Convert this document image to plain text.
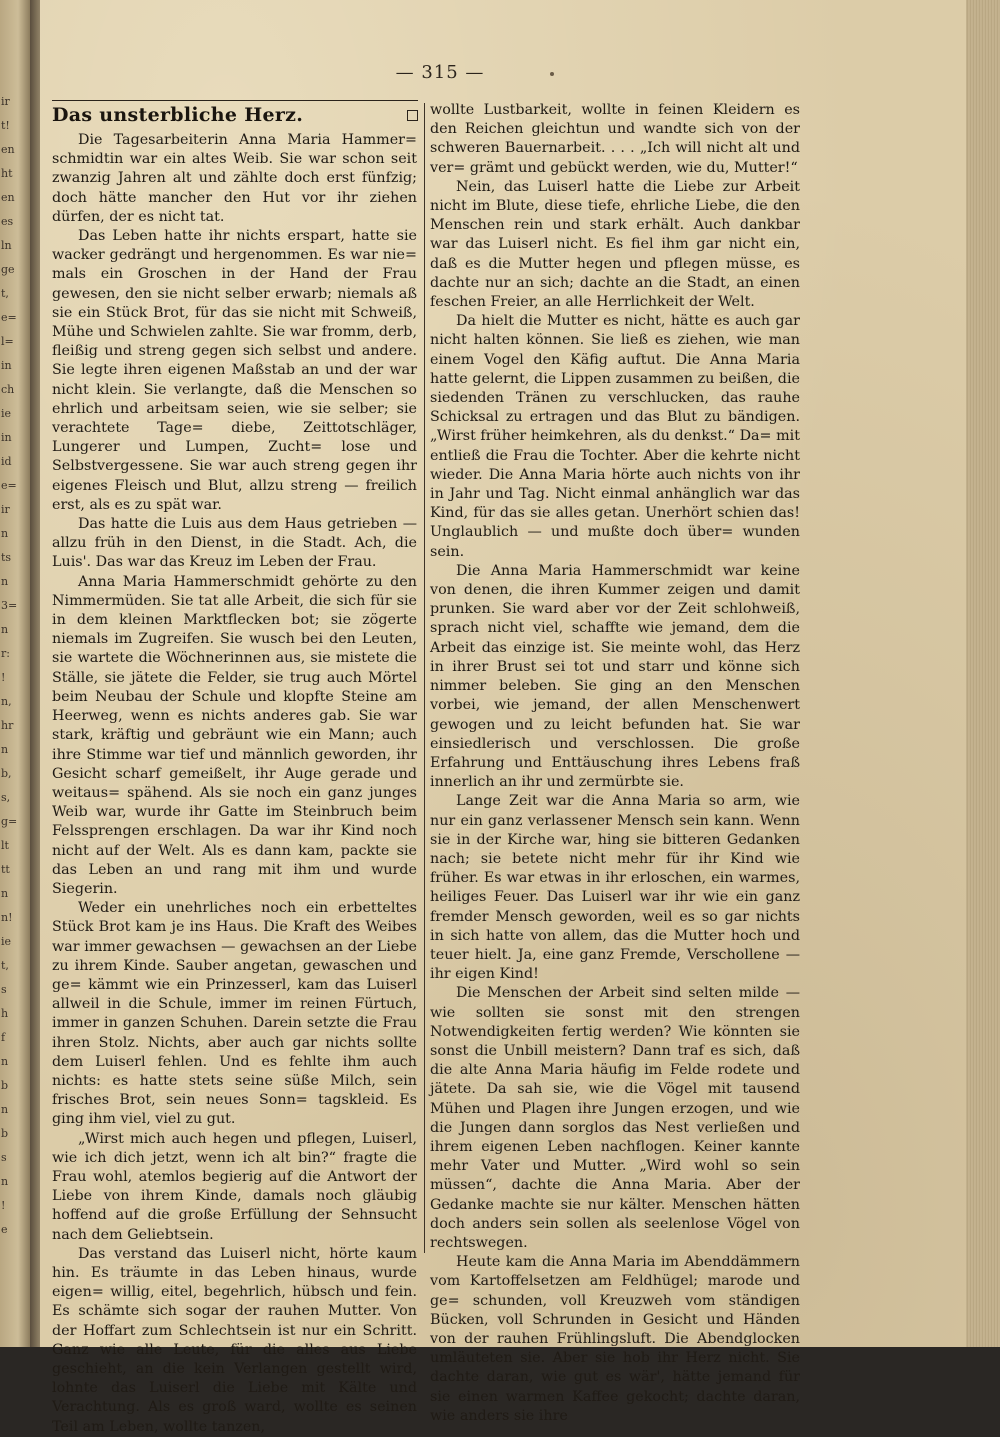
ir
t!
en
ht
en
es
ln
ge
t,
e=
l=
in
ch
ie
in
id
e=
ir
n
ts
n
3=
n
r:
!
n,
hr
n
b,
s,
g=
lt
tt
n
n!
ie
t,
s
h
f
n
b
n
b
s
n
!
e
— 315 —
Das unsterbliche Herz.

Die Tagesarbeiterin Anna Maria Hammer= schmidtin war ein altes Weib. Sie war schon seit zwanzig Jahren alt und zählte doch erst fünfzig; doch hätte mancher den Hut vor ihr ziehen dürfen, der es nicht tat.

Das Leben hatte ihr nichts erspart, hatte sie wacker gedrängt und hergenommen. Es war nie= mals ein Groschen in der Hand der Frau gewesen, den sie nicht selber erwarb; niemals aß sie ein Stück Brot, für das sie nicht mit Schweiß, Mühe und Schwielen zahlte. Sie war fromm, derb, fleißig und streng gegen sich selbst und andere. Sie legte ihren eigenen Maßstab an und der war nicht klein. Sie verlangte, daß die Menschen so ehrlich und arbeitsam seien, wie sie selber; sie verachtete Tage= diebe, Zeittotschläger, Lungerer und Lumpen, Zucht= lose und Selbstvergessene. Sie war auch streng gegen ihr eigenes Fleisch und Blut, allzu streng — freilich erst, als es zu spät war.

Das hatte die Luis aus dem Haus getrieben — allzu früh in den Dienst, in die Stadt. Ach, die Luis'. Das war das Kreuz im Leben der Frau.

Anna Maria Hammerschmidt gehörte zu den Nimmermüden. Sie tat alle Arbeit, die sich für sie in dem kleinen Marktflecken bot; sie zögerte niemals im Zugreifen. Sie wusch bei den Leuten, sie wartete die Wöchnerinnen aus, sie mistete die Ställe, sie jätete die Felder, sie trug auch Mörtel beim Neubau der Schule und klopfte Steine am Heerweg, wenn es nichts anderes gab. Sie war stark, kräftig und gebräunt wie ein Mann; auch ihre Stimme war tief und männlich geworden, ihr Gesicht scharf gemeißelt, ihr Auge gerade und weitaus= spähend. Als sie noch ein ganz junges Weib war, wurde ihr Gatte im Steinbruch beim Felssprengen erschlagen. Da war ihr Kind noch nicht auf der Welt. Als es dann kam, packte sie das Leben an und rang mit ihm und wurde Siegerin.

Weder ein unehrliches noch ein erbetteltes Stück Brot kam je ins Haus. Die Kraft des Weibes war immer gewachsen — gewachsen an der Liebe zu ihrem Kinde. Sauber angetan, gewaschen und ge= kämmt wie ein Prinzesserl, kam das Luiserl allweil in die Schule, immer im reinen Fürtuch, immer in ganzen Schuhen. Darein setzte die Frau ihren Stolz. Nichts, aber auch gar nichts sollte dem Luiserl fehlen. Und es fehlte ihm auch nichts: es hatte stets seine süße Milch, sein frisches Brot, sein neues Sonn= tagskleid. Es ging ihm viel, viel zu gut.

„Wirst mich auch hegen und pflegen, Luiserl, wie ich dich jetzt, wenn ich alt bin?“ fragte die Frau wohl, atemlos begierig auf die Antwort der Liebe von ihrem Kinde, damals noch gläubig hoffend auf die große Erfüllung der Sehnsucht nach dem Geliebtsein.

Das verstand das Luiserl nicht, hörte kaum hin. Es träumte in das Leben hinaus, wurde eigen= willig, eitel, begehrlich, hübsch und fein. Es schämte sich sogar der rauhen Mutter. Von der Hoffart zum Schlechtsein ist nur ein Schritt. Ganz wie alle Leute, für die alles aus Liebe geschieht, an die kein Verlangen gestellt wird, lohnte das Luiserl die Liebe mit Kälte und Verachtung. Als es groß ward, wollte es seinen Teil am Leben, wollte tanzen,

wollte Lustbarkeit, wollte in feinen Kleidern es den Reichen gleichtun und wandte sich von der schweren Bauernarbeit. . . . „Ich will nicht alt und ver= grämt und gebückt werden, wie du, Mutter!“

Nein, das Luiserl hatte die Liebe zur Arbeit nicht im Blute, diese tiefe, ehrliche Liebe, die den Menschen rein und stark erhält. Auch dankbar war das Luiserl nicht. Es fiel ihm gar nicht ein, daß es die Mutter hegen und pflegen müsse, es dachte nur an sich; dachte an die Stadt, an einen feschen Freier, an alle Herrlichkeit der Welt.

Da hielt die Mutter es nicht, hätte es auch gar nicht halten können. Sie ließ es ziehen, wie man einem Vogel den Käfig auftut. Die Anna Maria hatte gelernt, die Lippen zusammen zu beißen, die siedenden Tränen zu verschlucken, das rauhe Schicksal zu ertragen und das Blut zu bändigen. „Wirst früher heimkehren, als du denkst.“ Da= mit entließ die Frau die Tochter. Aber die kehrte nicht wieder. Die Anna Maria hörte auch nichts von ihr in Jahr und Tag. Nicht einmal anhänglich war das Kind, für das sie alles getan. Unerhört schien das! Unglaublich — und mußte doch über= wunden sein.

Die Anna Maria Hammerschmidt war keine von denen, die ihren Kummer zeigen und damit prunken. Sie ward aber vor der Zeit schlohweiß, sprach nicht viel, schaffte wie jemand, dem die Arbeit das einzige ist. Sie meinte wohl, das Herz in ihrer Brust sei tot und starr und könne sich nimmer beleben. Sie ging an den Menschen vorbei, wie jemand, der allen Menschenwert gewogen und zu leicht befunden hat. Sie war einsiedlerisch und verschlossen. Die große Erfahrung und Enttäuschung ihres Lebens fraß innerlich an ihr und zermürbte sie.

Lange Zeit war die Anna Maria so arm, wie nur ein ganz verlassener Mensch sein kann. Wenn sie in der Kirche war, hing sie bitteren Gedanken nach; sie betete nicht mehr für ihr Kind wie früher. Es war etwas in ihr erloschen, ein warmes, heiliges Feuer. Das Luiserl war ihr wie ein ganz fremder Mensch geworden, weil es so gar nichts in sich hatte von allem, das die Mutter hoch und teuer hielt. Ja, eine ganz Fremde, Verschollene — ihr eigen Kind!

Die Menschen der Arbeit sind selten milde — wie sollten sie sonst mit den strengen Notwendigkeiten fertig werden? Wie könnten sie sonst die Unbill meistern? Dann traf es sich, daß die alte Anna Maria häufig im Felde rodete und jätete. Da sah sie, wie die Vögel mit tausend Mühen und Plagen ihre Jungen erzogen, und wie die Jungen dann sorglos das Nest verließen und ihrem eigenen Leben nachflogen. Keiner kannte mehr Vater und Mutter. „Wird wohl so sein müssen“, dachte die Anna Maria. Aber der Gedanke machte sie nur kälter. Menschen hätten doch anders sein sollen als seelenlose Vögel von rechtswegen.

Heute kam die Anna Maria im Abenddämmern vom Kartoffelsetzen am Feldhügel; marode und ge= schunden, voll Kreuzweh vom ständigen Bücken, voll Schrunden in Gesicht und Händen von der rauhen Frühlingsluft. Die Abendglocken umläuteten sie. Aber sie hob ihr Herz nicht. Sie dachte daran, wie gut es wär', hätte jemand für sie einen warmen Kaffee gekocht; dachte daran, wie anders sie ihre
